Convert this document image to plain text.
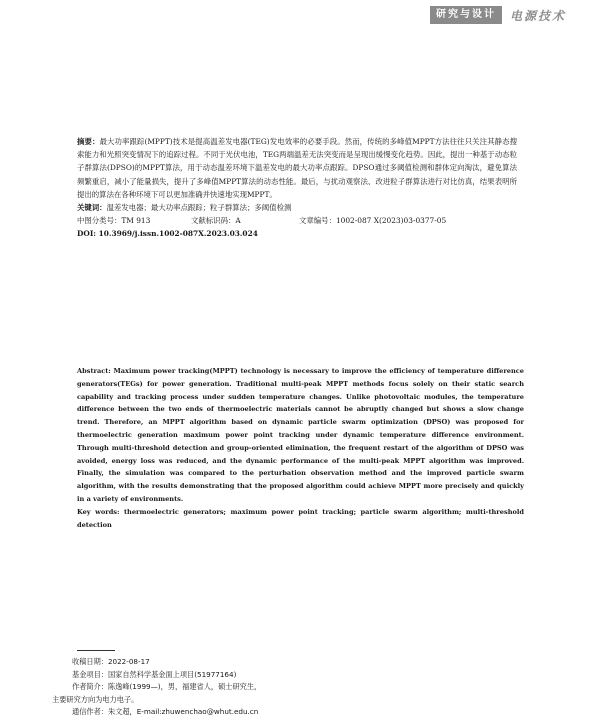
研究与设计	电源技术

摘要：最大功率跟踪(MPPT)技术是提高温差发电器(TEG)发电效率的必要手段。然而，传统的多峰值MPPT方法往往只关注其静态搜索能力和光照突变情况下的追踪过程。不同于光伏电池，TEG两端温差无法突变而是呈现出缓慢变化趋势。因此，提出一种基于动态粒子群算法(DPSO)的MPPT算法，用于动态温差环境下温差发电的最大功率点跟踪。DPSO通过多阈值检测和群体定向淘汰，避免算法频繁重启，减小了能量损失，提升了多峰值MPPT算法的动态性能。最后，与扰动观察法、改进粒子群算法进行对比仿真，结果表明所提出的算法在各种环境下可以更加准确并快速地实现MPPT。

关键词：温差发电器；最大功率点跟踪；粒子群算法；多阈值检测

中图分类号：TM 913	文献标识码：A	文章编号：1002-087 X(2023)03-0377-05

DOI: 10.3969/j.issn.1002-087X.2023.03.024

Abstract: Maximum power tracking(MPPT) technology is necessary to improve the efficiency of temperature difference generators(TEGs) for power generation. Traditional multi-peak MPPT methods focus solely on their static search capability and tracking process under sudden temperature changes. Unlike photovoltaic modules, the temperature difference between the two ends of thermoelectric materials cannot be abruptly changed but shows a slow change trend. Therefore, an MPPT algorithm based on dynamic particle swarm optimization (DPSO) was proposed for thermoelectric generation maximum power point tracking under dynamic temperature difference environment. Through multi-threshold detection and group-oriented elimination, the frequent restart of the algorithm of DPSO was avoided, energy loss was reduced, and the dynamic performance of the multi-peak MPPT algorithm was improved. Finally, the simulation was compared to the perturbation observation method and the improved particle swarm algorithm, with the results demonstrating that the proposed algorithm could achieve MPPT more precisely and quickly in a variety of environments.

Key words: thermoelectric generators; maximum power point tracking; particle swarm algorithm; multi-threshold detection

收稿日期：2022-08-17
基金项目：国家自然科学基金面上项目(51977164)
作者简介：陈逸峰(1999—)，男，福建省人，硕士研究生，
主要研究方向为电力电子。
通信作者：朱文超，E-mail:zhuwenchao@whut.edu.cn
